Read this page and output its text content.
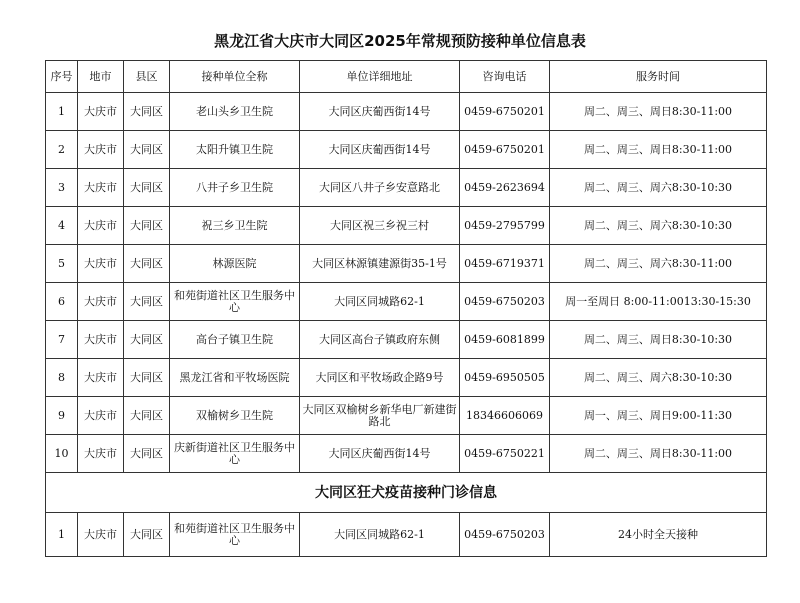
黑龙江省大庆市大同区2025年常规预防接种单位信息表
序号	地市	县区	接种单位全称	单位详细地址	咨询电话	服务时间
1	大庆市	大同区	老山头乡卫生院	大同区庆葡西街14号	0459-6750201	周二、周三、周日8:30-11:00
2	大庆市	大同区	太阳升镇卫生院	大同区庆葡西街14号	0459-6750201	周二、周三、周日8:30-11:00
3	大庆市	大同区	八井子乡卫生院	大同区八井子乡安意路北	0459-2623694	周二、周三、周六8:30-10:30
4	大庆市	大同区	祝三乡卫生院	大同区祝三乡祝三村	0459-2795799	周二、周三、周六8:30-10:30
5	大庆市	大同区	林源医院	大同区林源镇建源街35-1号	0459-6719371	周二、周三、周六8:30-11:00
6	大庆市	大同区	和苑街道社区卫生服务中心	大同区同城路62-1	0459-6750203	周一至周日 8:00-11:0013:30-15:30
7	大庆市	大同区	高台子镇卫生院	大同区高台子镇政府东侧	0459-6081899	周二、周三、周日8:30-10:30
8	大庆市	大同区	黑龙江省和平牧场医院	大同区和平牧场政企路9号	0459-6950505	周二、周三、周六8:30-10:30
9	大庆市	大同区	双榆树乡卫生院	大同区双榆树乡新华电厂新建街路北	18346606069	周一、周三、周日9:00-11:30
10	大庆市	大同区	庆新街道社区卫生服务中心	大同区庆葡西街14号	0459-6750221	周二、周三、周日8:30-11:00
大同区狂犬疫苗接种门诊信息						
1	大庆市	大同区	和苑街道社区卫生服务中心	大同区同城路62-1	0459-6750203	24小时全天接种
